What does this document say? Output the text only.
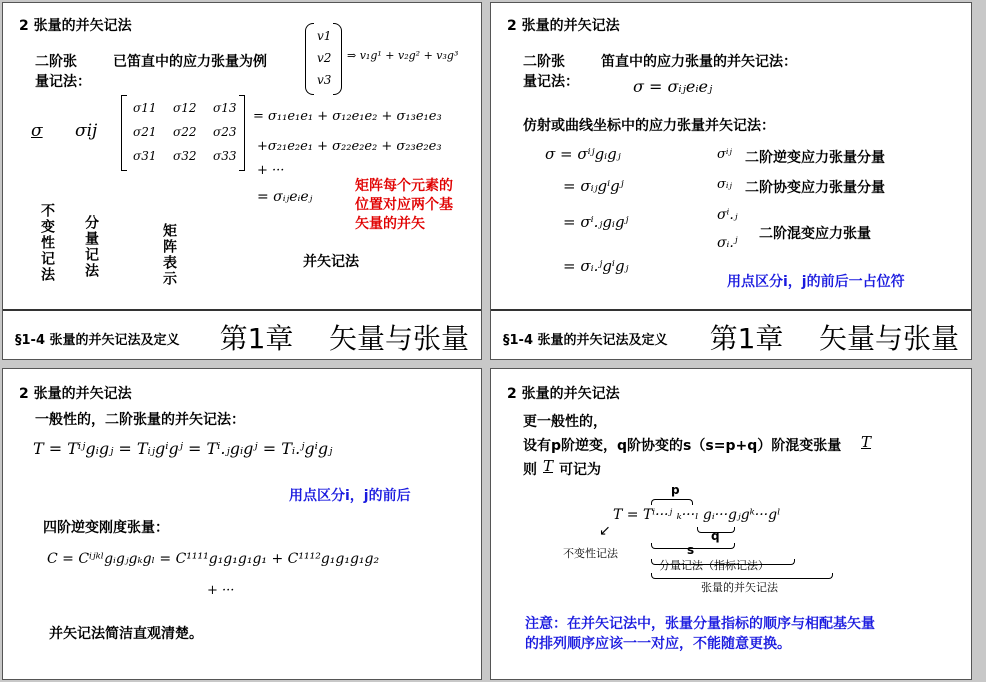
2 张量的并矢记法
二阶张
量记法：
已笛直中的应力张量为例
v1
v2
v3
⇒ v₁g¹ + v₂g² + v₃g³
σ σij
σ11 σ12 σ13
σ21 σ22 σ23
σ31 σ32 σ33
= σ₁₁e₁e₁ + σ₁₂e₁e₂ + σ₁₃e₁e₃
+σ₂₁e₂e₁ + σ₂₂e₂e₂ + σ₂₃e₂e₃
+ ···
= σᵢⱼeᵢeⱼ
矩阵每个元素的
位置对应两个基
矢量的并矢
不变性记法 分量记法	矩阵表示	并矢记法
§1-4 张量的并矢记法及定义 第1章    矢量与张量
2 张量的并矢记法
二阶张
量记法：
笛直中的应力张量的并矢记法：
σ = σᵢⱼeᵢeⱼ
仿射或曲线坐标中的应力张量并矢记法：
σ = σⁱʲgᵢgⱼ
= σᵢⱼgⁱgʲ
= σⁱ.ⱼgᵢgʲ
= σᵢ.ʲgⁱgⱼ
σⁱʲ 二阶逆变应力张量分量
σᵢⱼ 二阶协变应力张量分量
σⁱ.ⱼ
σᵢ.ʲ
二阶混变应力张量
用点区分i，j的前后一占位符
§1-4 张量的并矢记法及定义 第1章    矢量与张量
2 张量的并矢记法
一般性的，二阶张量的并矢记法：
T = Tⁱʲgᵢgⱼ = Tᵢⱼgⁱgʲ = Tⁱ.ⱼgᵢgʲ = Tᵢ.ʲgⁱgⱼ
用点区分i，j的前后
四阶逆变刚度张量：
C = Cⁱʲᵏˡgᵢgⱼgₖgₗ = C¹¹¹¹g₁g₁g₁g₁ + C¹¹¹²g₁g₁g₁g₂
+ ···
并矢记法简洁直观清楚。
2 张量的并矢记法
更一般性的，
设有p阶逆变，q阶协变的s（s=p+q）阶混变张量 T
则 T 可记为
p
T = Tⁱ···ʲ ₖ···ₗ gᵢ···gⱼgᵏ···gˡ
q
s
分量记法（指标记法）
张量的并矢记法
↙
不变性记法
注意：在并矢记法中，张量分量指标的顺序与相配基矢量
的排列顺序应该一一对应，不能随意更换。
